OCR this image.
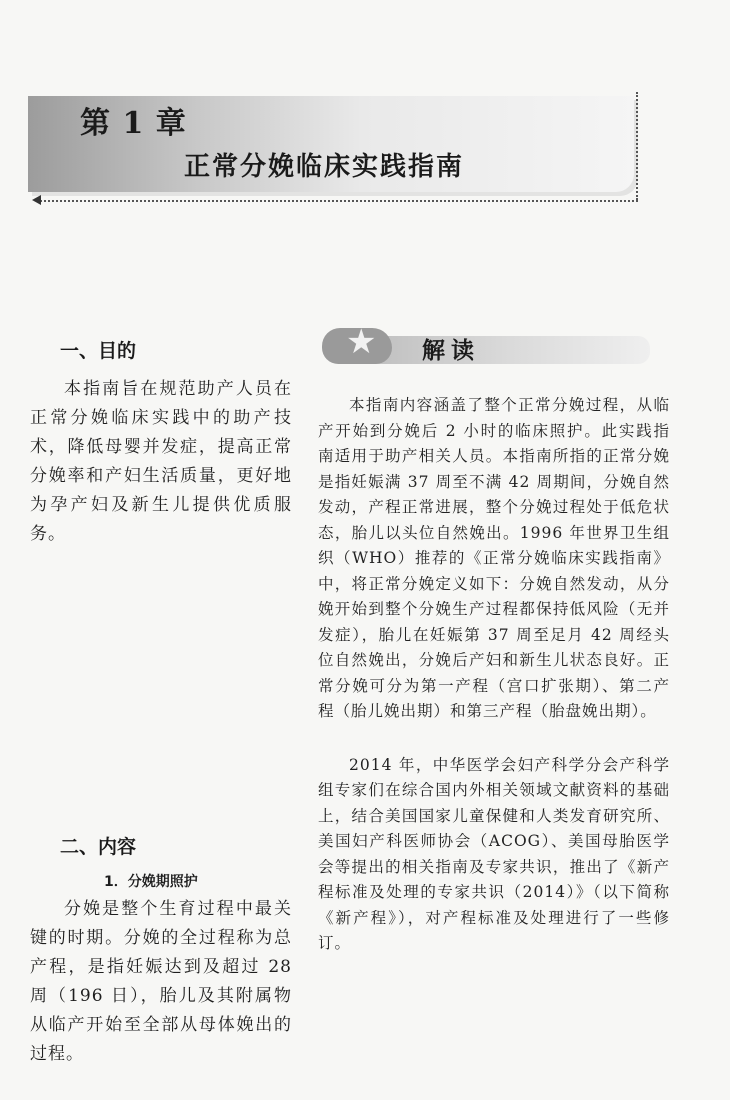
第 1 章
正常分娩临床实践指南
一、目的

本指南旨在规范助产人员在正常分娩临床实践中的助产技术，降低母婴并发症，提高正常分娩率和产妇生活质量，更好地为孕产妇及新生儿提供优质服务。

二、内容
1．分娩期照护

分娩是整个生育过程中最关键的时期。分娩的全过程称为总产程，是指妊娠达到及超过 28 周（196 日），胎儿及其附属物从临产开始至全部从母体娩出的过程。

★ 解读

本指南内容涵盖了整个正常分娩过程，从临产开始到分娩后 2 小时的临床照护。此实践指南适用于助产相关人员。本指南所指的正常分娩是指妊娠满 37 周至不满 42 周期间，分娩自然发动，产程正常进展，整个分娩过程处于低危状态，胎儿以头位自然娩出。1996 年世界卫生组织（WHO）推荐的《正常分娩临床实践指南》中，将正常分娩定义如下：分娩自然发动，从分娩开始到整个分娩生产过程都保持低风险（无并发症），胎儿在妊娠第 37 周至足月 42 周经头位自然娩出，分娩后产妇和新生儿状态良好。正常分娩可分为第一产程（宫口扩张期）、第二产程（胎儿娩出期）和第三产程（胎盘娩出期）。

2014 年，中华医学会妇产科学分会产科学组专家们在综合国内外相关领域文献资料的基础上，结合美国国家儿童保健和人类发育研究所、美国妇产科医师协会（ACOG）、美国母胎医学会等提出的相关指南及专家共识，推出了《新产程标准及处理的专家共识（2014）》（以下简称《新产程》），对产程标准及处理进行了一些修订。
